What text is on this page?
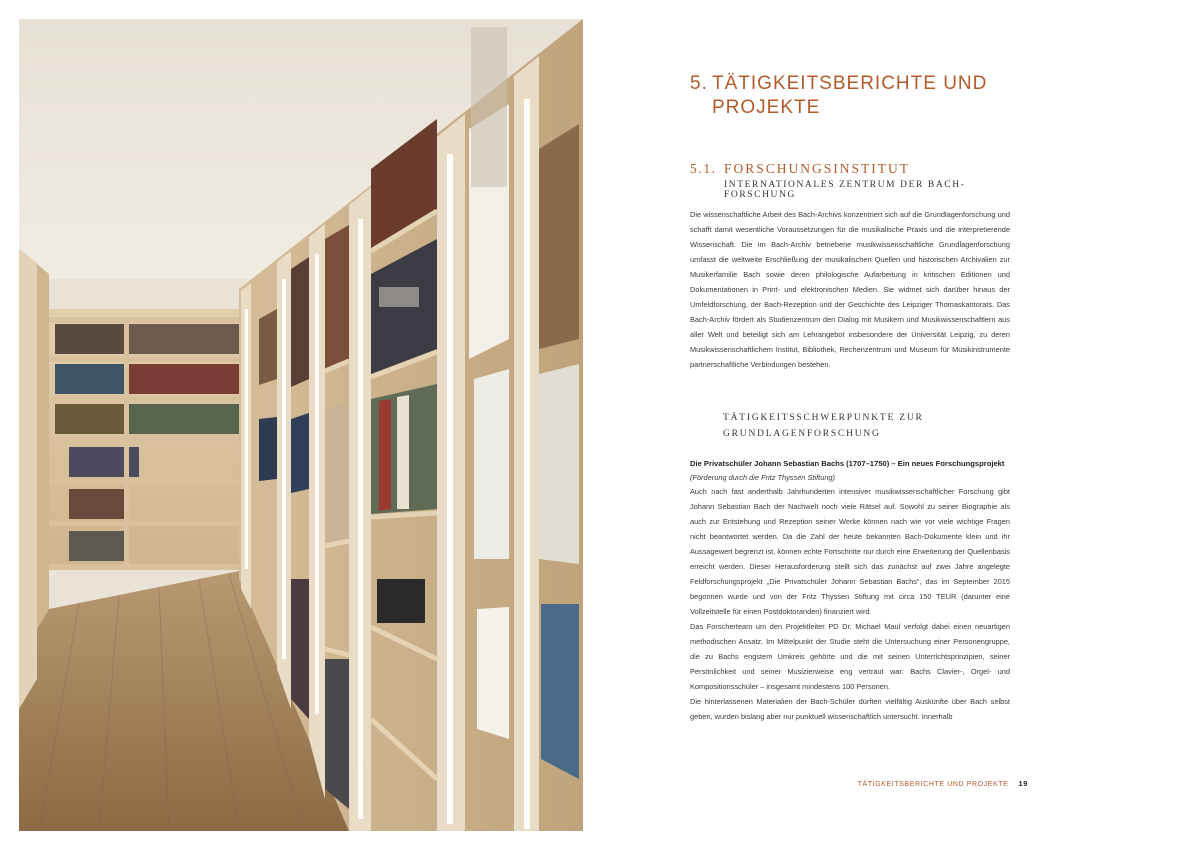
5. TÄTIGKEITSBERICHTE UND
PROJEKTE
5.1. FORSCHUNGSINSTITUT
INTERNATIONALES ZENTRUM DER BACH-FORSCHUNG

Die wissenschaftliche Arbeit des Bach-Archivs konzentriert sich auf die Grundlagenforschung und schafft damit wesentliche Voraussetzungen für die musikalische Praxis und die interpretierende Wissenschaft. Die im Bach-Archiv betriebene musikwissenschaftliche Grundlagenforschung umfasst die weltweite Erschließung der musikalischen Quellen und historischen Archivalien zur Musikerfamilie Bach sowie deren philologische Aufarbeitung in kritischen Editionen und Dokumentationen in Print- und elektronischen Medien. Sie widmet sich darüber hinaus der Umfeldforschung, der Bach-Rezeption und der Geschichte des Leipziger Thomaskantorats. Das Bach-Archiv fördert als Studienzentrum den Dialog mit Musikern und Musikwissenschaftlern aus aller Welt und beteiligt sich am Lehrangebot insbesondere der Universität Leipzig, zu deren Musikwissenschaftlichem Institut, Bibliothek, Rechenzentrum und Museum für Musikinstrumente partnerschaftliche Verbindungen bestehen.

TÄTIGKEITSSCHWERPUNKTE ZUR
GRUNDLAGENFORSCHUNG
Die Privatschüler Johann Sebastian Bachs (1707–1750) – Ein neues Forschungsprojekt
(Förderung durch die Fritz Thyssen Stiftung)
Auch nach fast anderthalb Jahrhunderten intensiver musikwissenschaftlicher Forschung gibt Johann Sebastian Bach der Nachwelt noch viele Rätsel auf. Sowohl zu seiner Biographie als auch zur Entstehung und Rezeption seiner Werke können nach wie vor viele wichtige Fragen nicht beantwortet werden. Da die Zahl der heute bekannten Bach-Dokumente klein und ihr Aussagewert begrenzt ist, können echte Fortschritte nur durch eine Erweiterung der Quellenbasis erreicht werden. Dieser Herausforderung stellt sich das zunächst auf zwei Jahre angelegte Feldforschungsprojekt „Die Privatschüler Johann Sebastian Bachs“, das im September 2015 begonnen wurde und von der Fritz Thyssen Stiftung mit circa 150 TEUR (darunter eine Vollzeitstelle für einen Postdoktoranden) finanziert wird.
Das Forscherteam um den Projektleiter PD Dr. Michael Maul verfolgt dabei einen neuartigen methodischen Ansatz. Im Mittelpunkt der Studie steht die Untersuchung einer Personengruppe, die zu Bachs engstem Umkreis gehörte und die mit seinen Unterrichtsprinzipien, seiner Persönlichkeit und seiner Musizierweise eng vertraut war: Bachs Clavier-, Orgel- und Kompositionsschüler – insgesamt mindestens 100 Personen.
Die hinterlassenen Materialien der Bach-Schüler dürften vielfältig Auskünfte über Bach selbst geben, wurden bislang aber nur punktuell wissenschaftlich untersucht. Innerhalb
TÄTIGKEITSBERICHTE UND PROJEKTE 19
